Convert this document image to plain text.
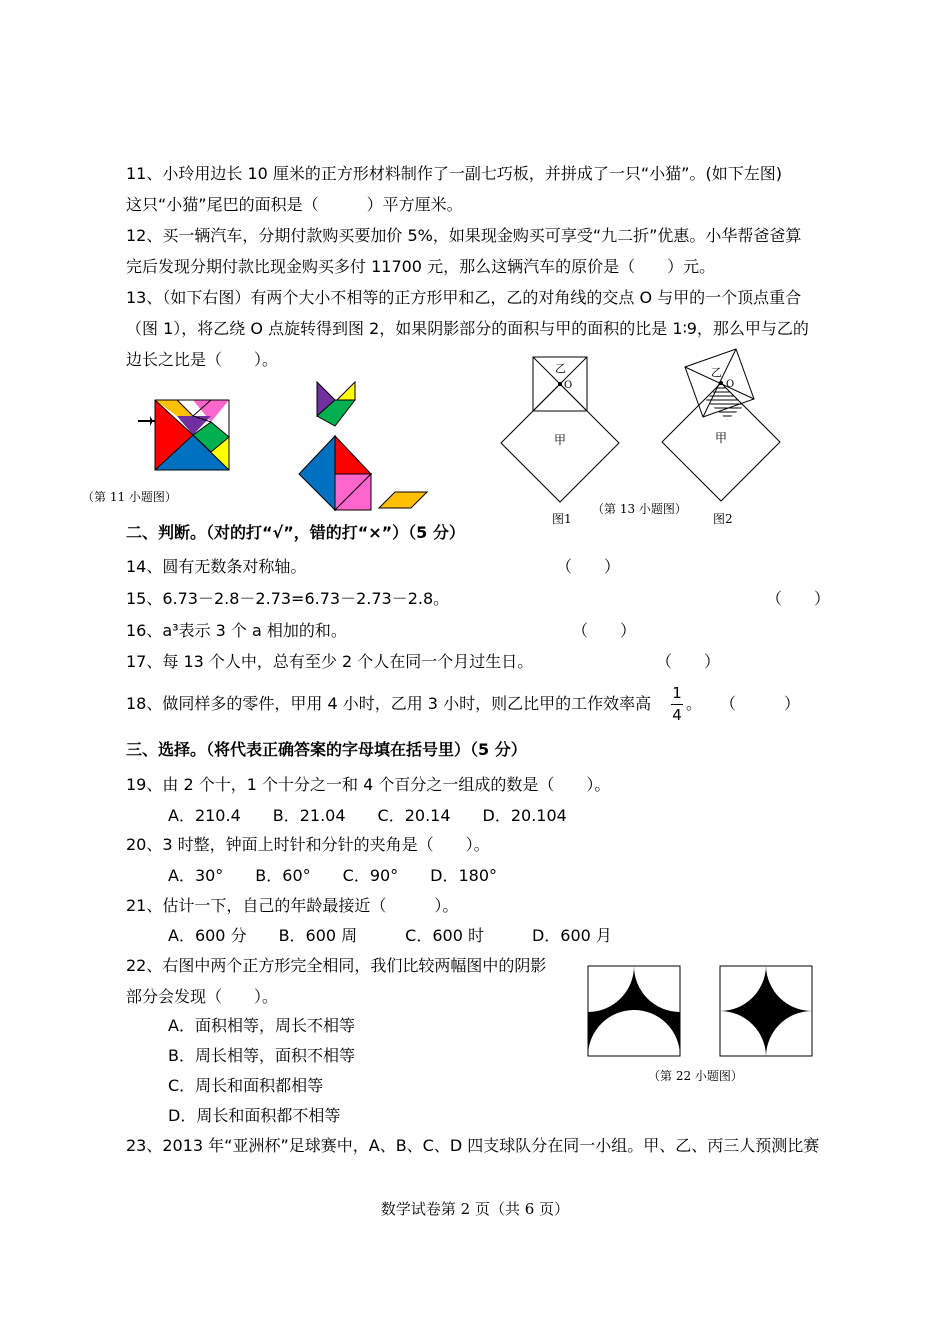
11、小玲用边长 10 厘米的正方形材料制作了一副七巧板，并拼成了一只“小猫”。(如下左图)
这只“小猫”尾巴的面积是（　　　）平方厘米。
12、买一辆汽车，分期付款购买要加价 5%，如果现金购买可享受“九二折”优惠。小华帮爸爸算
完后发现分期付款比现金购买多付 11700 元，那么这辆汽车的原价是（　　）元。
13、（如下右图）有两个大小不相等的正方形甲和乙，乙的对角线的交点 O 与甲的一个顶点重合
（图 1），将乙绕 O 点旋转得到图 2，如果阴影部分的面积与甲的面积的比是 1∶9，那么甲与乙的
边长之比是（　　）。
（第 11 小题图）
乙
O
甲
图1
（第 13 小题图）
乙
O
甲
图2
二、判断。（对的打“√”，错的打“×”）（5 分）
14、圆有无数条对称轴。	（　　）
15、6.73－2.8－2.73=6.73－2.73－2.8。	（　　）
16、a³表示 3 个 a 相加的和。	（　　）
17、每 13 个人中，总有至少 2 个人在同一个月过生日。	（　　）
18、做同样多的零件，甲用 4 小时，乙用 3 小时，则乙比甲的工作效率高
1
4
。 （　　　）
三、选择。（将代表正确答案的字母填在括号里）（5 分）
19、由 2 个十，1 个十分之一和 4 个百分之一组成的数是（　　）。
A．210.4　　B．21.04　　C．20.14　　D．20.104
20、3 时整，钟面上时针和分针的夹角是（　　）。
A．30°　　B．60°　　C．90°　　D．180°
21、估计一下，自己的年龄最接近（　　　）。
A．600 分　　B．600 周　　　C．600 时　　　D．600 月
22、右图中两个正方形完全相同，我们比较两幅图中的阴影
部分会发现（　　）。
A．面积相等，周长不相等
B．周长相等，面积不相等
C．周长和面积都相等
D．周长和面积都不相等
（第 22 小题图）
23、2013 年“亚洲杯”足球赛中，A、B、C、D 四支球队分在同一小组。甲、乙、丙三人预测比赛
数学试卷第 2 页（共 6 页）
